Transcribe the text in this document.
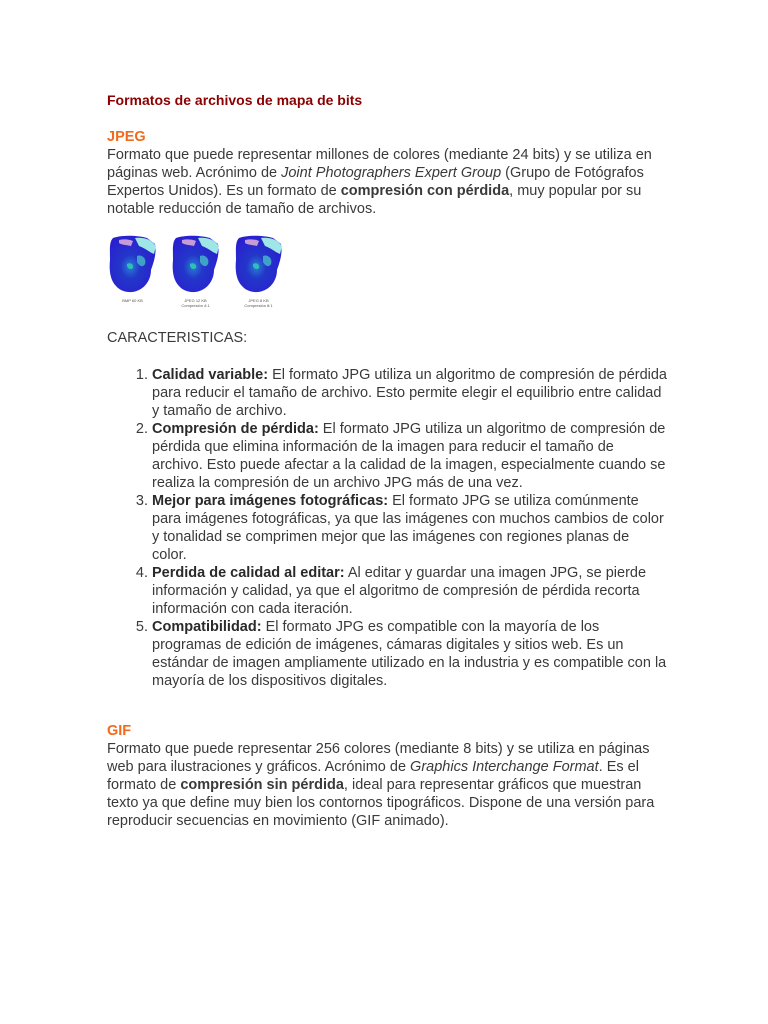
Formatos de archivos de mapa de bits
JPEG

Formato que puede representar millones de colores (mediante 24 bits) y se utiliza en páginas web. Acrónimo de Joint Photographers Expert Group (Grupo de Fotógrafos Expertos Unidos). Es un formato de compresión con pérdida, muy popular por su notable reducción de tamaño de archivos.

BMP 60 KB	JPEG 12 KB
Compresión 4:1
JPEG 8 KB
Compresión 8:1

CARACTERISTICAS:

1. Calidad variable: El formato JPG utiliza un algoritmo de compresión de pérdida para reducir el tamaño de archivo. Esto permite elegir el equilibrio entre calidad y tamaño de archivo.
2. Compresión de pérdida: El formato JPG utiliza un algoritmo de compresión de pérdida que elimina información de la imagen para reducir el tamaño de archivo. Esto puede afectar a la calidad de la imagen, especialmente cuando se realiza la compresión de un archivo JPG más de una vez.
3. Mejor para imágenes fotográficas: El formato JPG se utiliza comúnmente para imágenes fotográficas, ya que las imágenes con muchos cambios de color y tonalidad se comprimen mejor que las imágenes con regiones planas de color.
4. Perdida de calidad al editar: Al editar y guardar una imagen JPG, se pierde información y calidad, ya que el algoritmo de compresión de pérdida recorta información con cada iteración.
5. Compatibilidad: El formato JPG es compatible con la mayoría de los programas de edición de imágenes, cámaras digitales y sitios web. Es un estándar de imagen ampliamente utilizado en la industria y es compatible con la mayoría de los dispositivos digitales.
GIF

Formato que puede representar 256 colores (mediante 8 bits) y se utiliza en páginas web para ilustraciones y gráficos. Acrónimo de Graphics Interchange Format. Es el formato de compresión sin pérdida, ideal para representar gráficos que muestran texto ya que define muy bien los contornos tipográficos. Dispone de una versión para reproducir secuencias en movimiento (GIF animado).
